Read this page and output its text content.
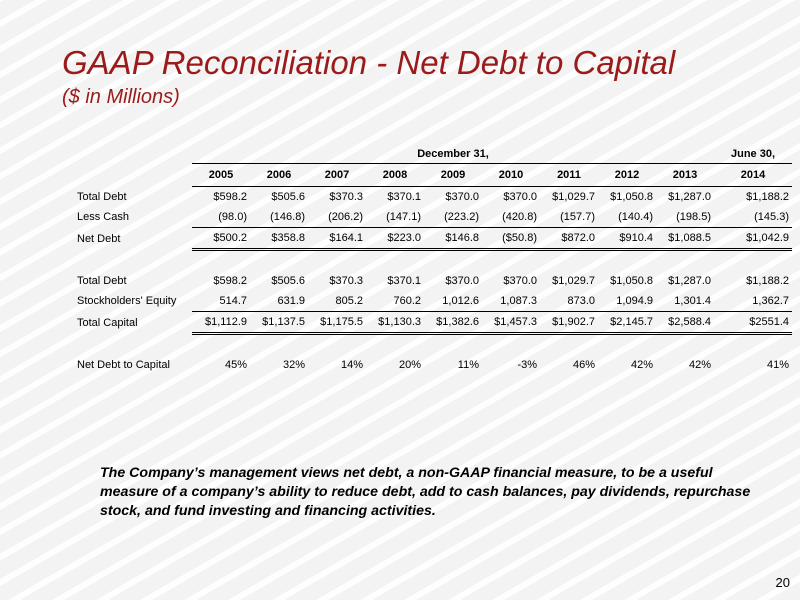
GAAP Reconciliation - Net Debt to Capital
($ in Millions)
	December 31,									June 30,
	2005	2006	2007	2008	2009	2010	2011	2012	2013	2014
Total Debt	$598.2	$505.6	$370.3	$370.1	$370.0	$370.0	$1,029.7	$1,050.8	$1,287.0	$1,188.2
Less Cash	(98.0)	(146.8)	(206.2)	(147.1)	(223.2)	(420.8)	(157.7)	(140.4)	(198.5)	(145.3)
Net Debt	$500.2	$358.8	$164.1	$223.0	$146.8	($50.8)	$872.0	$910.4	$1,088.5	$1,042.9

Total Debt	$598.2	$505.6	$370.3	$370.1	$370.0	$370.0	$1,029.7	$1,050.8	$1,287.0	$1,188.2
Stockholders' Equity	514.7	631.9	805.2	760.2	1,012.6	1,087.3	873.0	1,094.9	1,301.4	1,362.7
Total Capital	$1,112.9	$1,137.5	$1,175.5	$1,130.3	$1,382.6	$1,457.3	$1,902.7	$2,145.7	$2,588.4	$2551.4

Net Debt to Capital	45%	32%	14%	20%	11%	-3%	46%	42%	42%	41%
The Company’s management views net debt, a non-GAAP financial measure, to be a useful measure of a company’s ability to reduce debt, add to cash balances, pay dividends, repurchase stock, and fund investing and financing activities.
20
